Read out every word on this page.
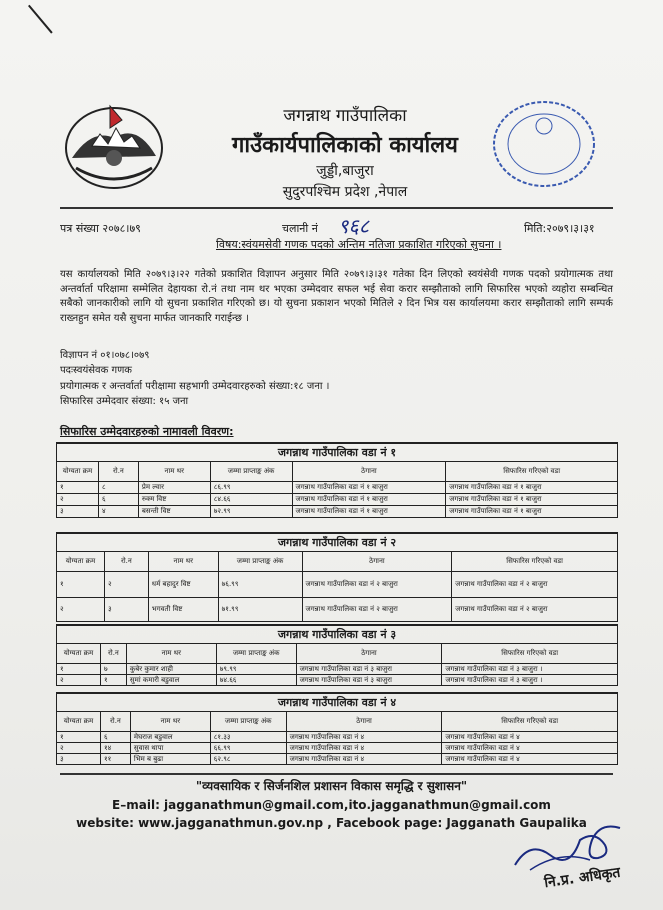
जगन्नाथ गाउँपालिका
गाउँकार्यपालिकाको कार्यालय
जुड्डी,बाजुरा
सुदुरपश्चिम प्रदेश ,नेपाल
पत्र संख्या २०७८।७९	चलानी नं ९६८	मिति:२०७९।३।३१
विषय:स्वंयमसेवी गणक पदको अन्तिम नतिजा प्रकाशित गरिएको सुचना ।
यस कार्यालयको मिति २०७९।३।२२ गतेको प्रकाशित विज्ञापन अनुसार मिति २०७९।३।३१ गतेका दिन लिएको स्वयंसेवी गणक पदको प्रयोगात्मक तथा अन्तर्वार्ता परिक्षामा सम्मेलित देहायका रो.नं तथा नाम थर भएका उम्मेदवार सफल भई सेवा करार सम्झौताको लागि सिफारिस भएको व्यहोरा सम्बन्धित सबैको जानकारीको लागि यो सुचना प्रकाशित गरिएको छ। यो सुचना प्रकाशन भएको मितिले २ दिन भित्र यस कार्यालयमा करार सम्झौताको लागि सम्पर्क राख्नहुन समेत यसै सुचना मार्फत जानकारि गराईन्छ ।
विज्ञापन नं ०१।०७८।०७९
पदःस्वयंसेवक गणक
प्रयोगात्मक र अन्तर्वार्ता परीक्षामा सहभागी उम्मेदवारहरुको संख्या:१८ जना ।
सिफारिस उम्मेदवार संख्या: १५ जना
सिफारिस उम्मेदवारहरुको नामावली विवरण:
जगन्नाथ गाउँपालिका वडा नं १					
योग्यता क्रम	रो.न	नाम थर	जम्मा प्राप्ताङ्क अंक	ठेगाना	सिफारिस गरिएको वडा
१	८	प्रेम ल्वार	८६.९९	जगन्नाथ गाउँपालिका वडा नं १ बाजुरा	जगन्नाथ गाउँपालिका वडा नं १ बाजुरा
२	६	रुक्म विष्ट	८४.६६	जगन्नाथ गाउँपालिका वडा नं १ बाजुरा	जगन्नाथ गाउँपालिका वडा नं १ बाजुरा
३	४	बसन्ती विष्ट	७२.९९	जगन्नाथ गाउँपालिका वडा नं १ बाजुरा	जगन्नाथ गाउँपालिका वडा नं १ बाजुरा
जगन्नाथ गाउँपालिका वडा नं २					
योग्यता क्रम	रो.न	नाम थर	जम्मा प्राप्ताङ्क अंक	ठेगाना	सिफारिस गरिएको वडा
१	२	धर्म बहादुर विष्ट	७६.९९	जगन्नाथ गाउँपालिका वडा नं २ बाजुरा	जगन्नाथ गाउँपालिका वडा नं २ बाजुरा
२	३	भगवती विष्ट	७१.९९	जगन्नाथ गाउँपालिका वडा नं २ बाजुरा	जगन्नाथ गाउँपालिका वडा नं २ बाजुरा
जगन्नाथ गाउँपालिका वडा नं ३					
योग्यता क्रम	रो.न	नाम थर	जम्मा प्राप्ताङ्क अंक	ठेगाना	सिफारिस गरिएको वडा
१	७	कुबेर कुमार शाही	७९.९९	जगन्नाथ गाउँपालिका वडा नं ३ बाजुरा	जगन्नाथ गाउँपालिका वडा नं ३ बाजुरा ।
२	१	सुमां कमारी बडुवाल	७४.६६	जगन्नाथ गाउँपालिका वडा नं ३ बाजुरा	जगन्नाथ गाउँपालिका वडा नं ३ बाजुरा ।
जगन्नाथ गाउँपालिका वडा नं ४					
योग्यता क्रम	रो.न	नाम थर	जम्मा प्राप्ताङ्क अंक	ठेगाना	सिफारिस गरिएको वडा
१	६	मेघराज बडुवाल	८१.३३	जगन्नाथ गाउँपालिका वडा नं ४	जगन्नाथ गाउँपालिका वडा नं ४
२	१४	सुवास थापा	६६.९९	जगन्नाथ गाउँपालिका वडा नं ४	जगन्नाथ गाउँपालिका वडा नं ४
३	११	भिम ब बुढा	६२.९८	जगन्नाथ गाउँपालिका वडा नं ४	जगन्नाथ गाउँपालिका वडा नं ४
"व्यवसायिक र सिर्जनशिल प्रशासन विकास समृद्धि र सुशासन"
E–mail: jagganathmun@gmail.com,ito.jagganathmun@gmail.com
website: www.jagganathmun.gov.np , Facebook page: Jagganath Gaupalika
नि.प्र. अधिकृत
